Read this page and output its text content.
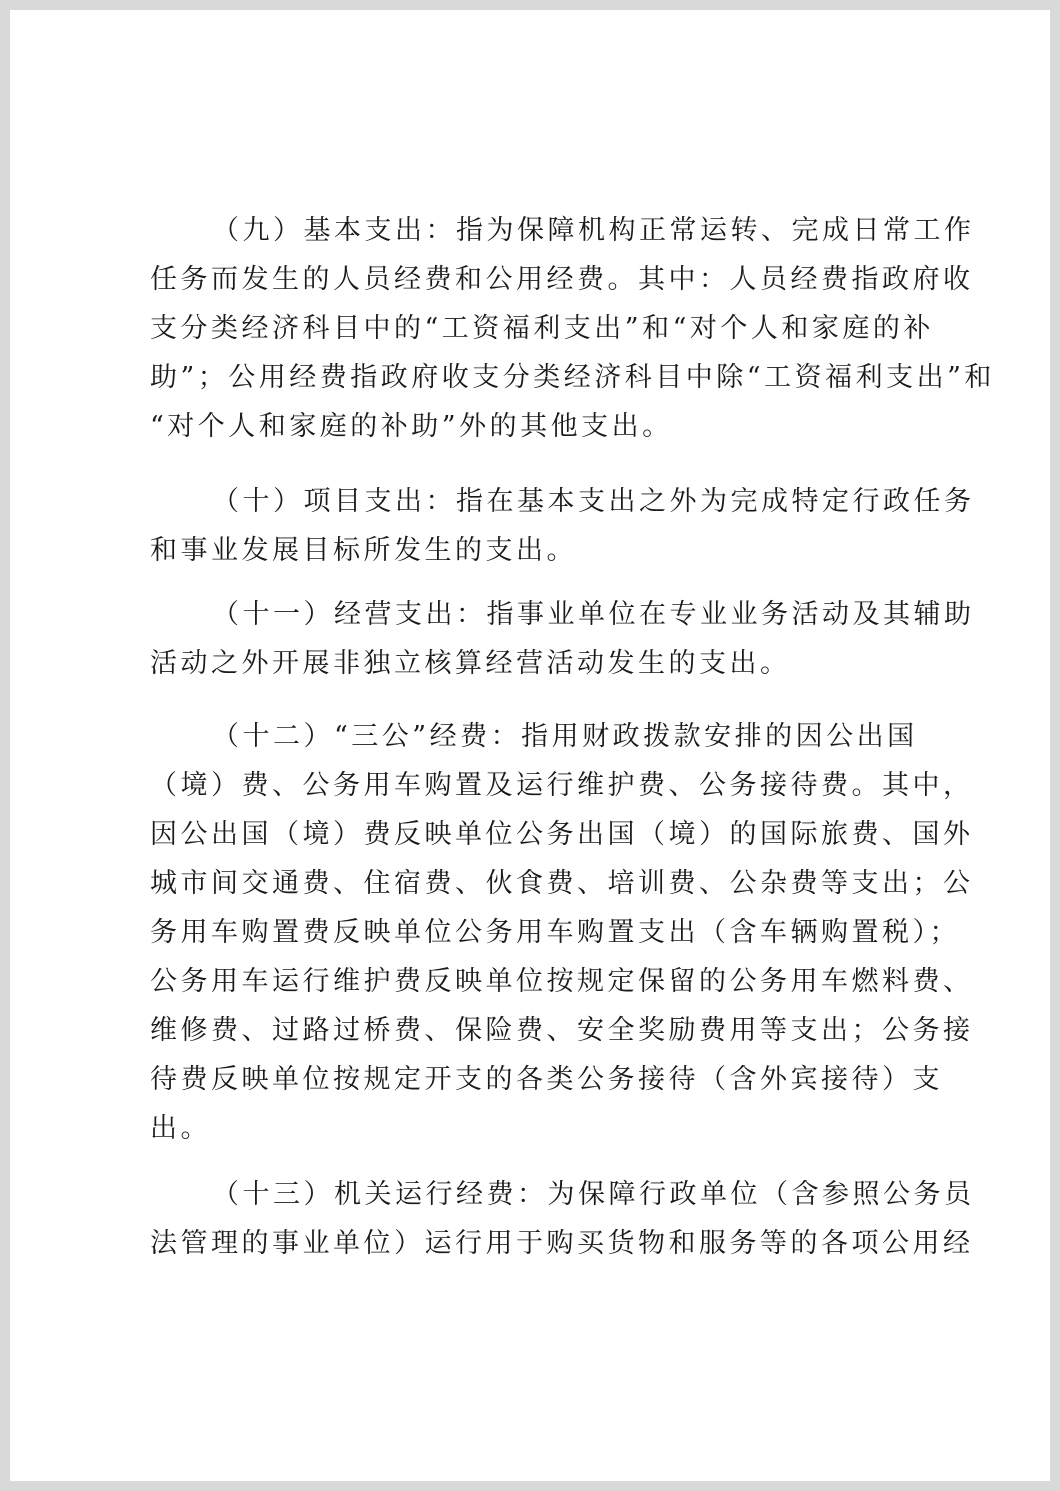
（九）基本支出：指为保障机构正常运转、完成日常工作
任务而发生的人员经费和公用经费。其中：人员经费指政府收
支分类经济科目中的“工资福利支出”和“对个人和家庭的补
助”；公用经费指政府收支分类经济科目中除“工资福利支出”和
“对个人和家庭的补助”外的其他支出。
（十）项目支出：指在基本支出之外为完成特定行政任务
和事业发展目标所发生的支出。
（十一）经营支出：指事业单位在专业业务活动及其辅助
活动之外开展非独立核算经营活动发生的支出。
（十二）“三公”经费：指用财政拨款安排的因公出国
（境）费、公务用车购置及运行维护费、公务接待费。其中，
因公出国（境）费反映单位公务出国（境）的国际旅费、国外
城市间交通费、住宿费、伙食费、培训费、公杂费等支出；公
务用车购置费反映单位公务用车购置支出（含车辆购置税）；
公务用车运行维护费反映单位按规定保留的公务用车燃料费、
维修费、过路过桥费、保险费、安全奖励费用等支出；公务接
待费反映单位按规定开支的各类公务接待（含外宾接待）支
出。
（十三）机关运行经费：为保障行政单位（含参照公务员
法管理的事业单位）运行用于购买货物和服务等的各项公用经
